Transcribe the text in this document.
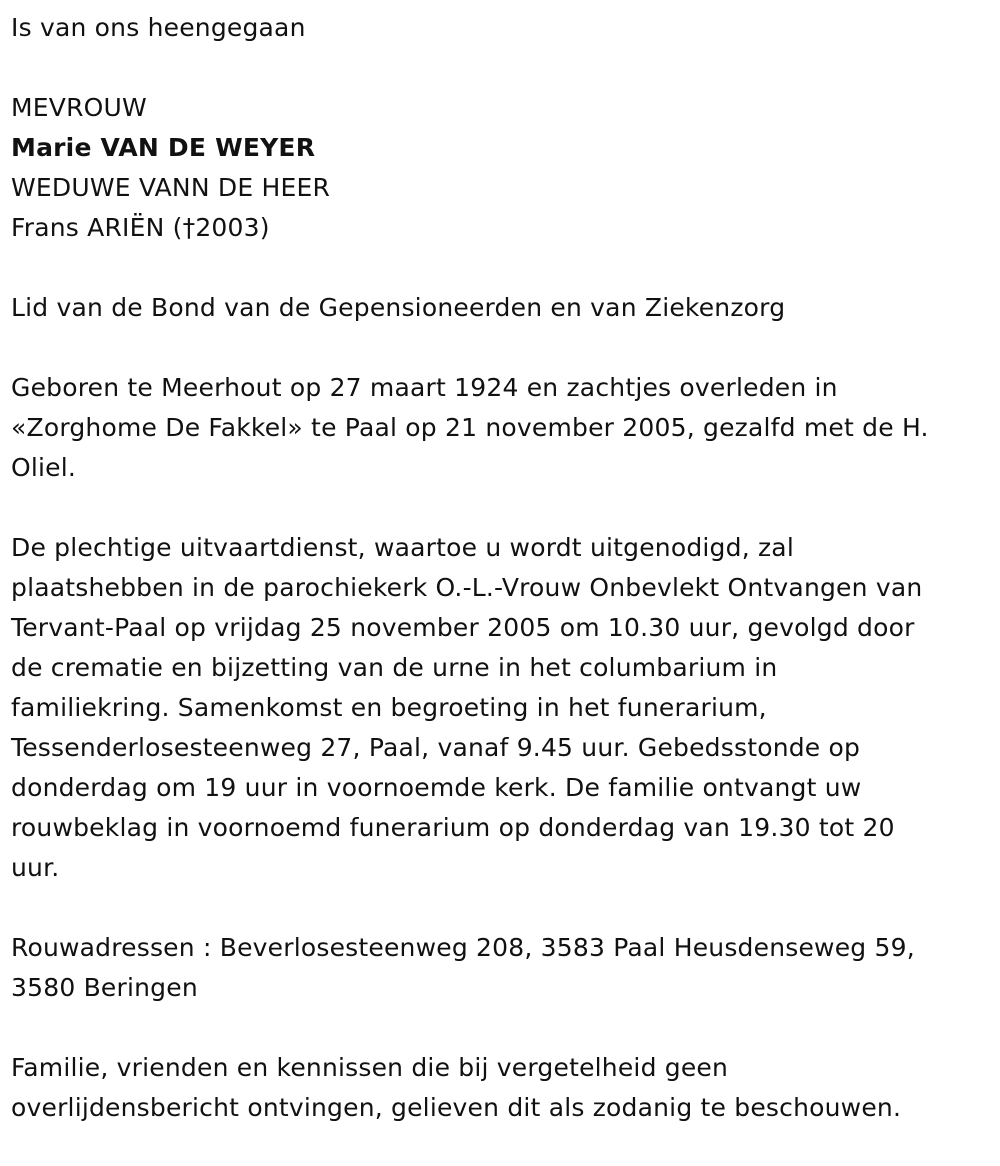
Is van ons heengegaan
MEVROUW
Marie VAN DE WEYER
WEDUWE VANN DE HEER
Frans ARIËN (†2003)
Lid van de Bond van de Gepensioneerden en van Ziekenzorg
Geboren te Meerhout op 27 maart 1924 en zachtjes overleden in
«Zorghome De Fakkel» te Paal op 21 november 2005, gezalfd met de H.
Oliel.
De plechtige uitvaartdienst, waartoe u wordt uitgenodigd, zal
plaatshebben in de parochiekerk O.-L.-Vrouw Onbevlekt Ontvangen van
Tervant-Paal op vrijdag 25 november 2005 om 10.30 uur, gevolgd door
de crematie en bijzetting van de urne in het columbarium in
familiekring. Samenkomst en begroeting in het funerarium,
Tessenderlosesteenweg 27, Paal, vanaf 9.45 uur. Gebedsstonde op
donderdag om 19 uur in voornoemde kerk. De familie ontvangt uw
rouwbeklag in voornoemd funerarium op donderdag van 19.30 tot 20
uur.
Rouwadressen : Beverlosesteenweg 208, 3583 Paal Heusdenseweg 59,
3580 Beringen
Familie, vrienden en kennissen die bij vergetelheid geen
overlijdensbericht ontvingen, gelieven dit als zodanig te beschouwen.
